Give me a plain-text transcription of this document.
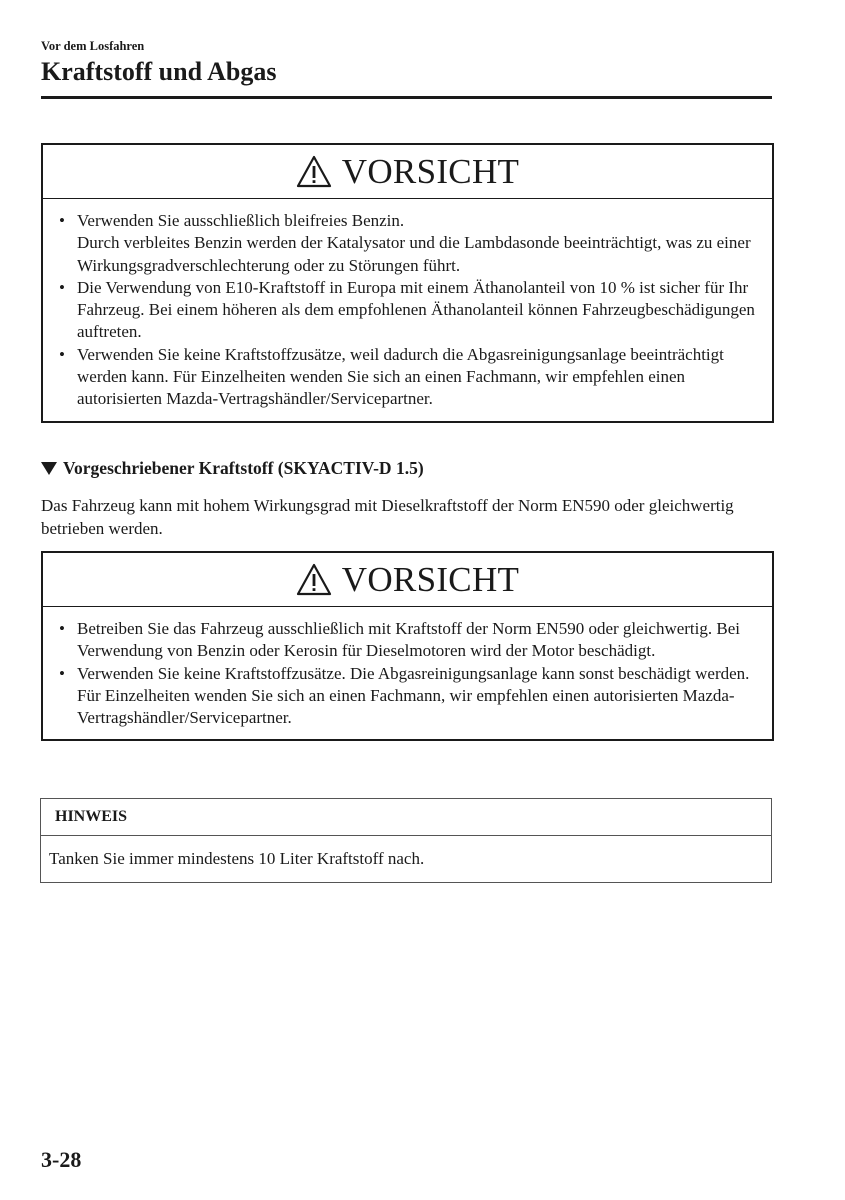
Vor dem Losfahren
Kraftstoff und Abgas
VORSICHT
• Verwenden Sie ausschließlich bleifreies Benzin.
Durch verbleites Benzin werden der Katalysator und die Lambdasonde beeinträchtigt, was zu einer Wirkungsgradverschlechterung oder zu Störungen führt.
• Die Verwendung von E10-Kraftstoff in Europa mit einem Äthanolanteil von 10 % ist sicher für Ihr Fahrzeug. Bei einem höheren als dem empfohlenen Äthanolanteil können Fahrzeugbeschädigungen auftreten.
• Verwenden Sie keine Kraftstoffzusätze, weil dadurch die Abgasreinigungsanlage beeinträchtigt werden kann. Für Einzelheiten wenden Sie sich an einen Fachmann, wir empfehlen einen autorisierten Mazda-Vertragshändler/Servicepartner.
Vorgeschriebener Kraftstoff (SKYACTIV-D 1.5)

Das Fahrzeug kann mit hohem Wirkungsgrad mit Dieselkraftstoff der Norm EN590 oder gleichwertig betrieben werden.

VORSICHT
• Betreiben Sie das Fahrzeug ausschließlich mit Kraftstoff der Norm EN590 oder gleichwertig. Bei Verwendung von Benzin oder Kerosin für Dieselmotoren wird der Motor beschädigt.
• Verwenden Sie keine Kraftstoffzusätze. Die Abgasreinigungsanlage kann sonst beschädigt werden. Für Einzelheiten wenden Sie sich an einen Fachmann, wir empfehlen einen autorisierten Mazda-Vertragshändler/Servicepartner.
HINWEIS
Tanken Sie immer mindestens 10 Liter Kraftstoff nach.
3-28
